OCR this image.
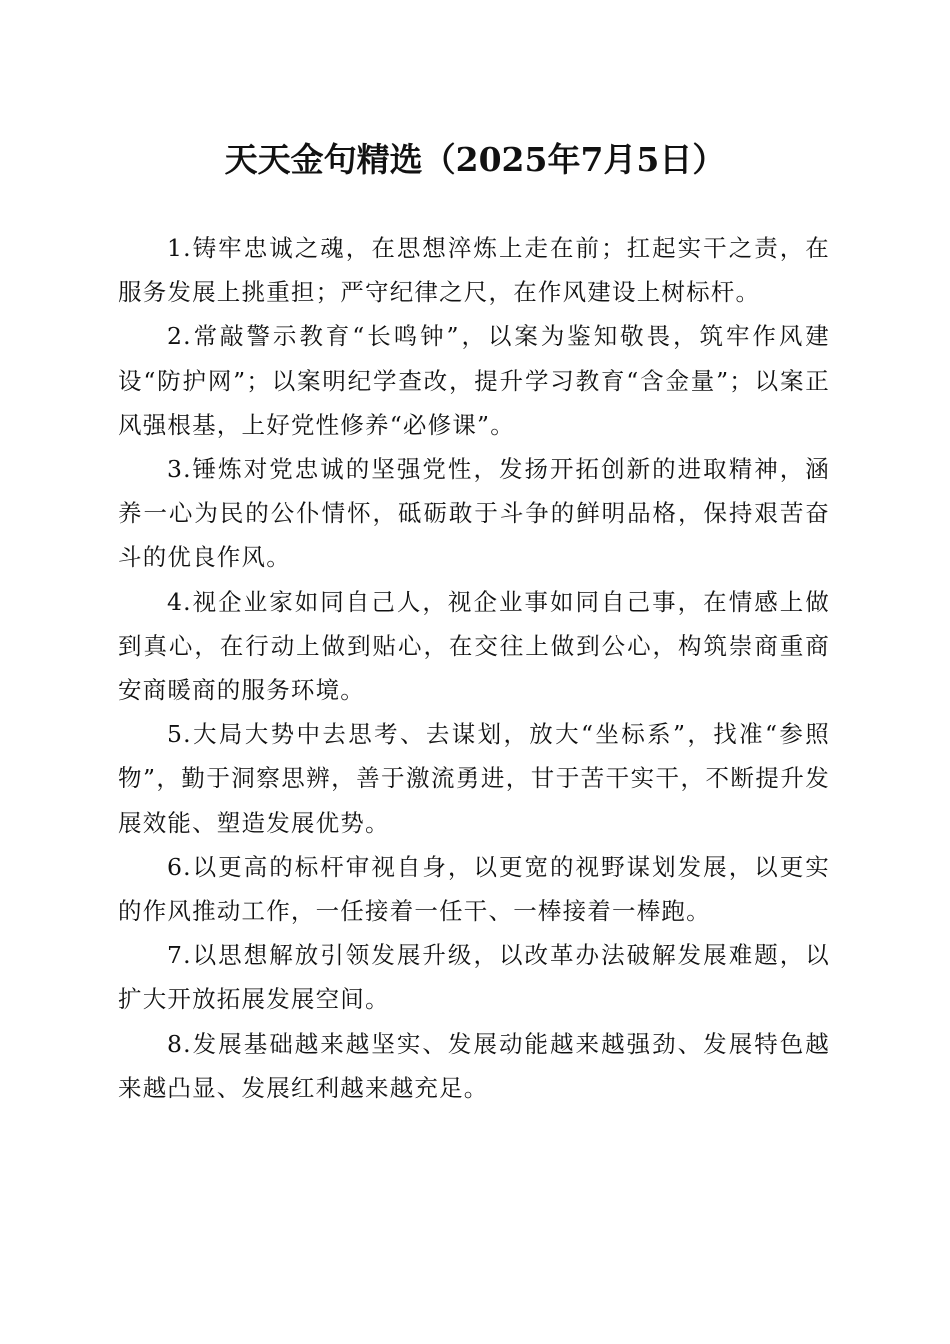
天天金句精选（2025年7月5日）

1.铸牢忠诚之魂，在思想淬炼上走在前；扛起实干之责，在服务发展上挑重担；严守纪律之尺，在作风建设上树标杆。

2.常敲警示教育“长鸣钟”，以案为鉴知敬畏，筑牢作风建设“防护网”；以案明纪学查改，提升学习教育“含金量”；以案正风强根基，上好党性修养“必修课”。

3.锤炼对党忠诚的坚强党性，发扬开拓创新的进取精神，涵养一心为民的公仆情怀，砥砺敢于斗争的鲜明品格，保持艰苦奋斗的优良作风。

4.视企业家如同自己人，视企业事如同自己事，在情感上做到真心，在行动上做到贴心，在交往上做到公心，构筑崇商重商安商暖商的服务环境。

5.大局大势中去思考、去谋划，放大“坐标系”，找准“参照物”，勤于洞察思辨，善于激流勇进，甘于苦干实干，不断提升发展效能、塑造发展优势。

6.以更高的标杆审视自身，以更宽的视野谋划发展，以更实的作风推动工作，一任接着一任干、一棒接着一棒跑。

7.以思想解放引领发展升级，以改革办法破解发展难题，以扩大开放拓展发展空间。

8.发展基础越来越坚实、发展动能越来越强劲、发展特色越来越凸显、发展红利越来越充足。
